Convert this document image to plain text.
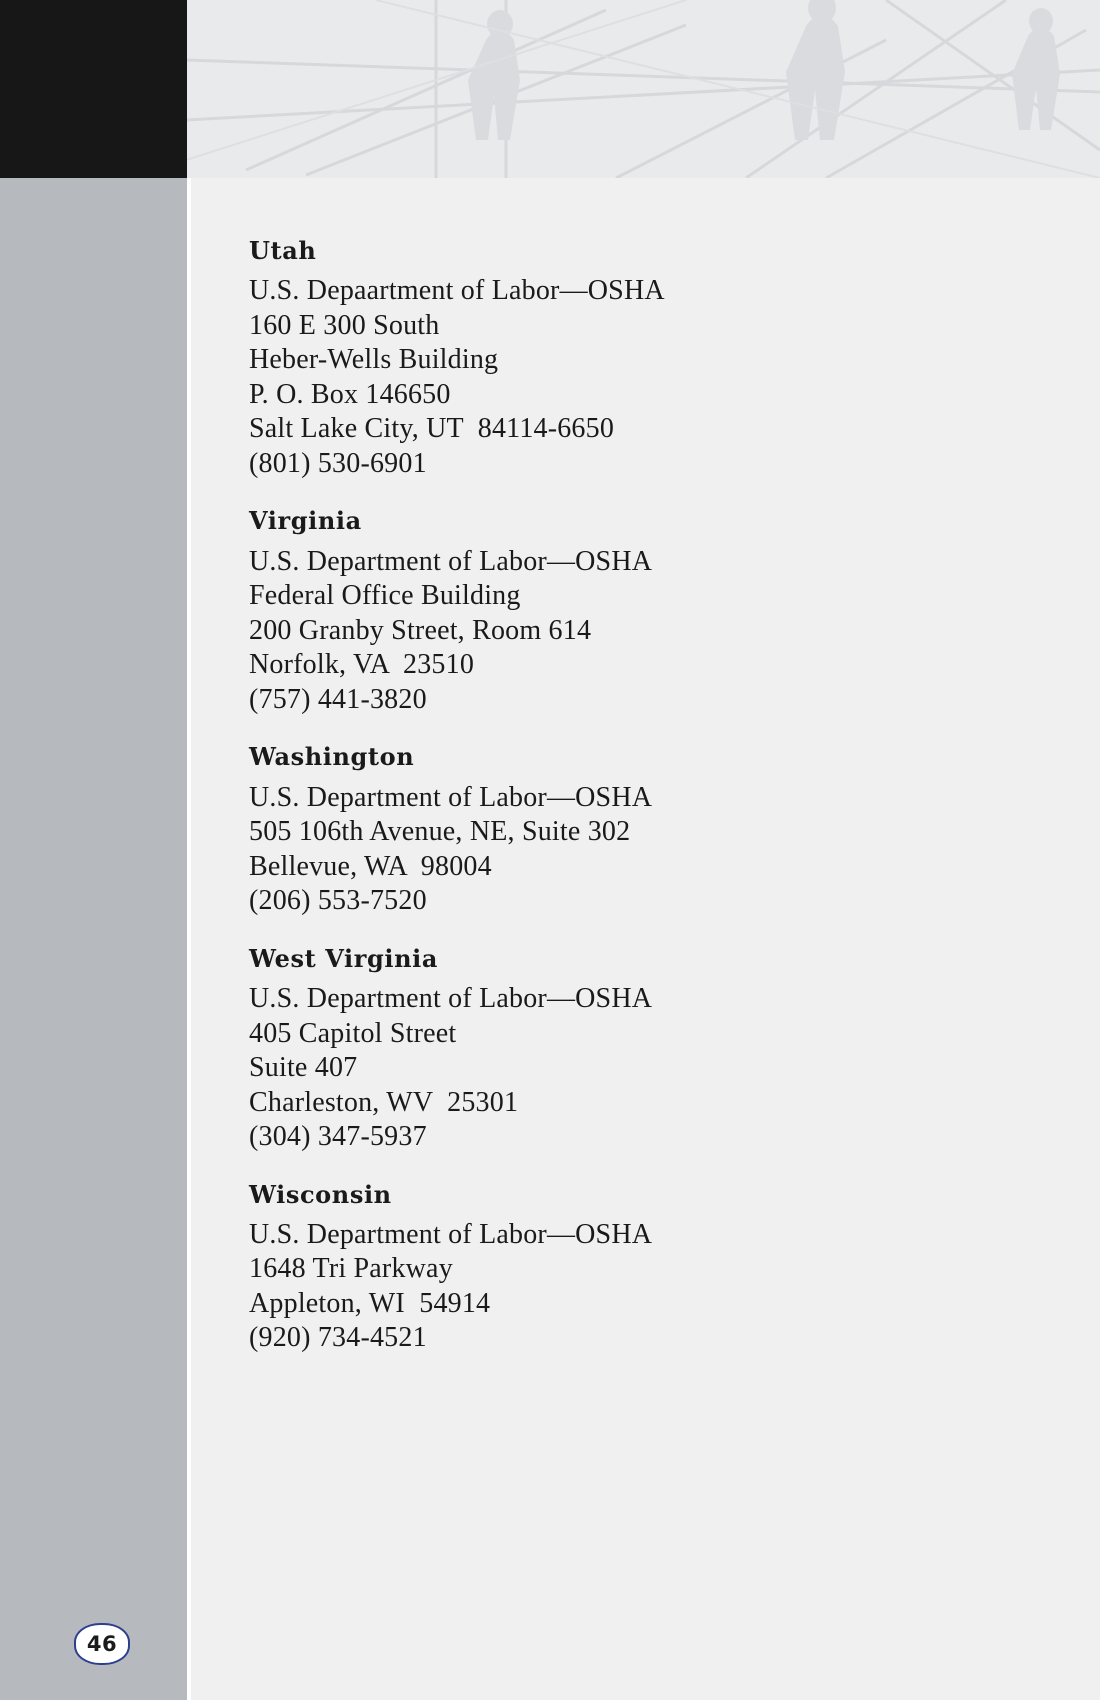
Utah
U.S. Depaartment of Labor—OSHA
160 E 300 South
Heber-Wells Building
P. O. Box 146650
Salt Lake City, UT  84114-6650
(801) 530-6901
Virginia
U.S. Department of Labor—OSHA
Federal Office Building
200 Granby Street, Room 614
Norfolk, VA  23510
(757) 441-3820
Washington
U.S. Department of Labor—OSHA
505 106th Avenue, NE, Suite 302
Bellevue, WA  98004
(206) 553-7520
West Virginia
U.S. Department of Labor—OSHA
405 Capitol Street
Suite 407
Charleston, WV  25301
(304) 347-5937
Wisconsin
U.S. Department of Labor—OSHA
1648 Tri Parkway
Appleton, WI  54914
(920) 734-4521
46
